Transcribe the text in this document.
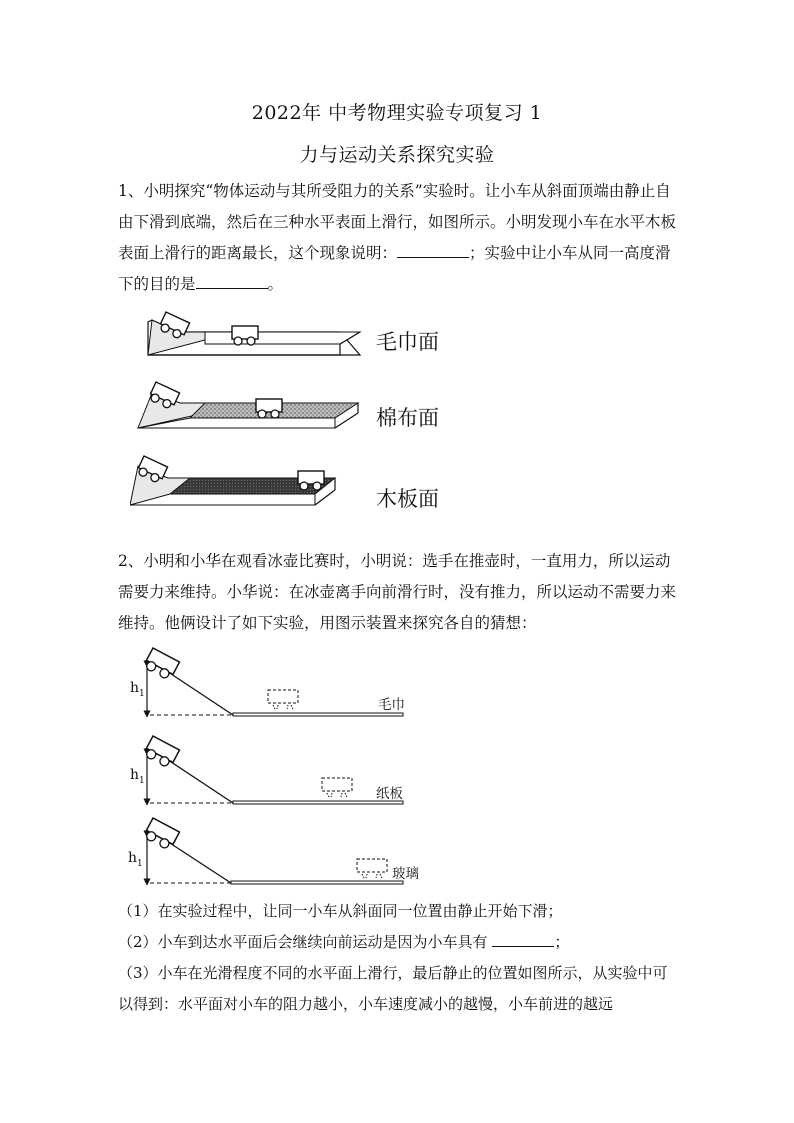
2022年 中考物理实验专项复习 1
力与运动关系探究实验
1、小明探究“物体运动与其所受阻力的关系”实验时。让小车从斜面顶端由静止自由下滑到底端，然后在三种水平表面上滑行，如图所示。小明发现小车在水平木板表面上滑行的距离最长，这个现象说明：	；实验中让小车从同一高度滑下的目的是	。
毛巾面
棉布面
木板面
2、小明和小华在观看冰壶比赛时，小明说：选手在推壶时，一直用力，所以运动需要力来维持。小华说：在冰壶离手向前滑行时，没有推力，所以运动不需要力来维持。他俩设计了如下实验，用图示装置来探究各自的猜想：
$h_1$
$h_1$
$h_1$
毛巾
纸板
玻璃
（1）在实验过程中，让同一小车从斜面同一位置由静止开始下滑；
（2）小车到达水平面后会继续向前运动是因为小车具有	；
（3）小车在光滑程度不同的水平面上滑行，最后静止的位置如图所示，从实验中可以得到：水平面对小车的阻力越小，小车速度减小的越慢，小车前进的越远
